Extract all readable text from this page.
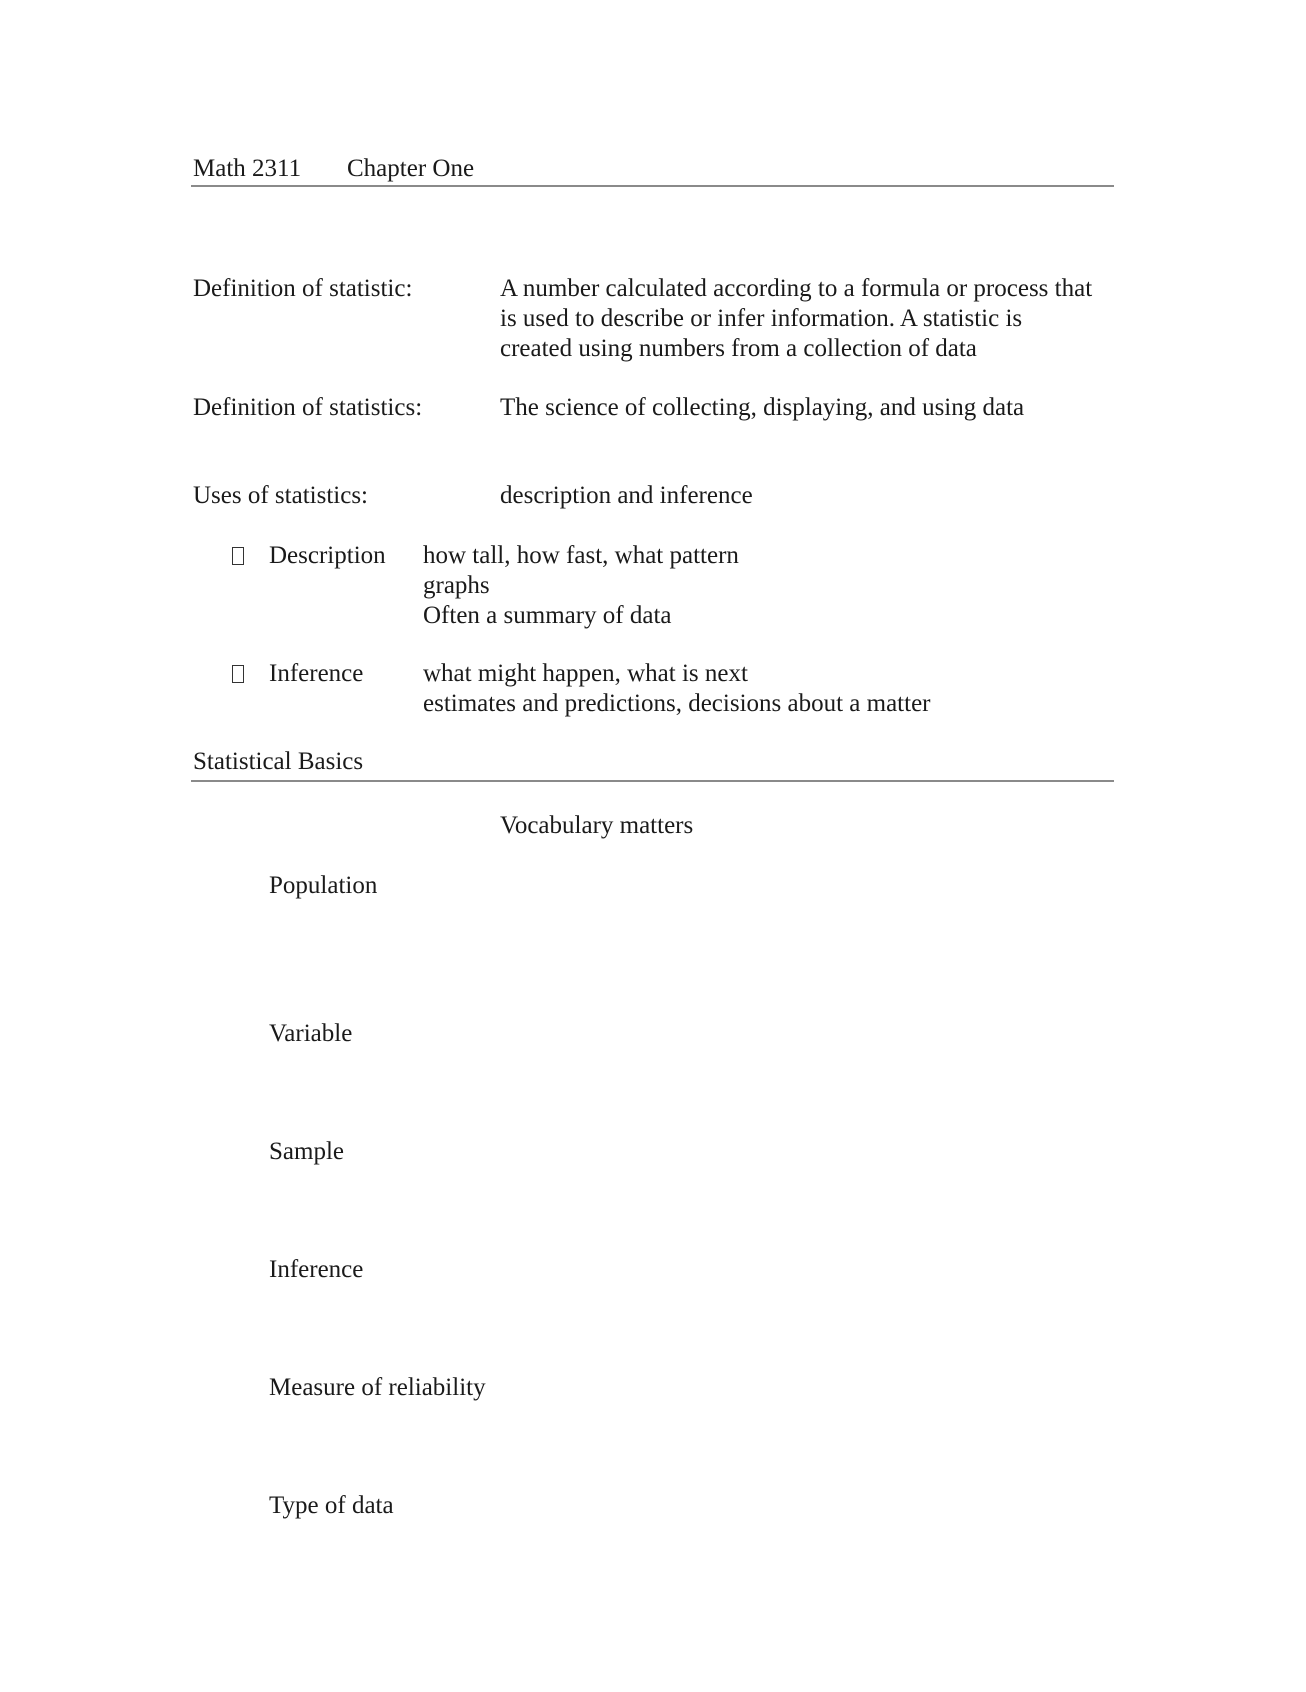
Math 2311 Chapter One
Definition of statistic:	A number calculated according to a formula or process that
is used to describe or infer information. A statistic is
created using numbers from a collection of data
Definition of statistics:	The science of collecting, displaying, and using data
Uses of statistics:	description and inference
Description how tall, how fast, what pattern
graphs
Often a summary of data
Inference what might happen, what is next
estimates and predictions, decisions about a matter
Statistical Basics
Vocabulary matters
Population
Variable
Sample
Inference
Measure of reliability
Type of data
